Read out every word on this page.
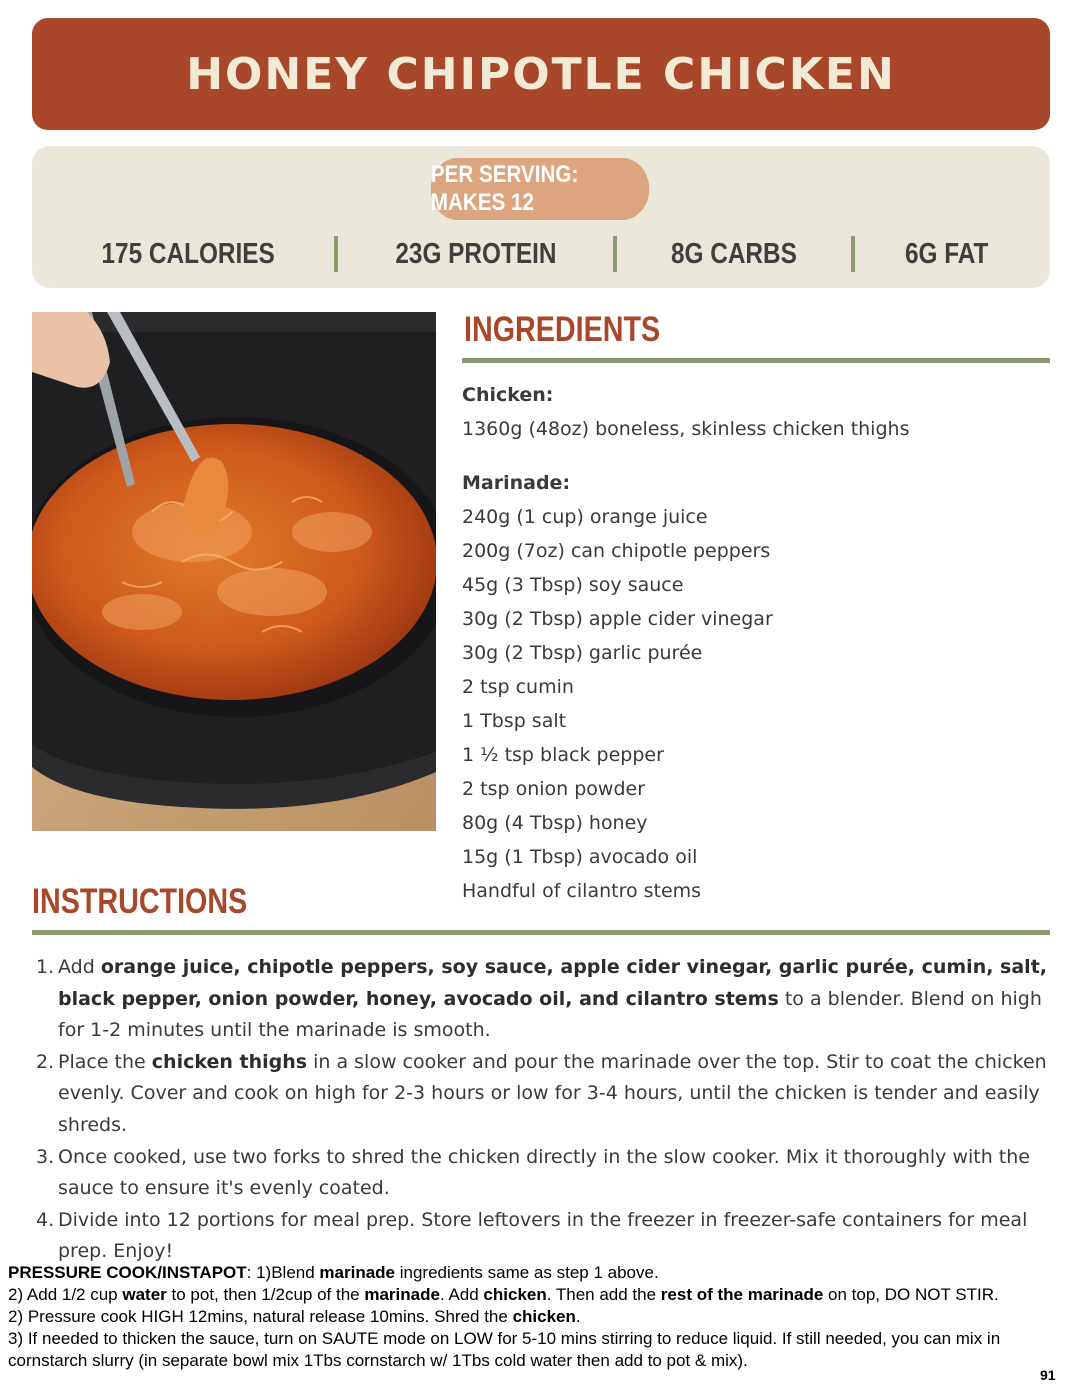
HONEY CHIPOTLE CHICKEN
PER SERVING: MAKES 12
175 CALORIES	23G PROTEIN	8G CARBS	6G FAT
INGREDIENTS
Chicken:
1360g (48oz) boneless, skinless chicken thighs
Marinade:
240g (1 cup) orange juice
200g (7oz) can chipotle peppers
45g (3 Tbsp) soy sauce
30g (2 Tbsp) apple cider vinegar
30g (2 Tbsp) garlic purée
2 tsp cumin
1 Tbsp salt
1 ½ tsp black pepper
2 tsp onion powder
80g (4 Tbsp) honey
15g (1 Tbsp) avocado oil
Handful of cilantro stems
INSTRUCTIONS
1. Add orange juice, chipotle peppers, soy sauce, apple cider vinegar, garlic purée, cumin, salt, black pepper, onion powder, honey, avocado oil, and cilantro stems to a blender. Blend on high for 1-2 minutes until the marinade is smooth.
2. Place the chicken thighs in a slow cooker and pour the marinade over the top. Stir to coat the chicken evenly. Cover and cook on high for 2-3 hours or low for 3-4 hours, until the chicken is tender and easily shreds.
3. Once cooked, use two forks to shred the chicken directly in the slow cooker. Mix it thoroughly with the sauce to ensure it's evenly coated.
4. Divide into 12 portions for meal prep. Store leftovers in the freezer in freezer-safe containers for meal prep. Enjoy!

PRESSURE COOK/INSTAPOT: 1)Blend marinade ingredients same as step 1 above.

2) Add 1/2 cup water to pot, then 1/2cup of the marinade. Add chicken. Then add the rest of the marinade on top, DO NOT STIR.

2) Pressure cook HIGH 12mins, natural release 10mins. Shred the chicken.

3) If needed to thicken the sauce, turn on SAUTE mode on LOW for 5-10 mins stirring to reduce liquid. If still needed, you can mix in cornstarch slurry (in separate bowl mix 1Tbs cornstarch w/ 1Tbs cold water then add to pot & mix).

91
